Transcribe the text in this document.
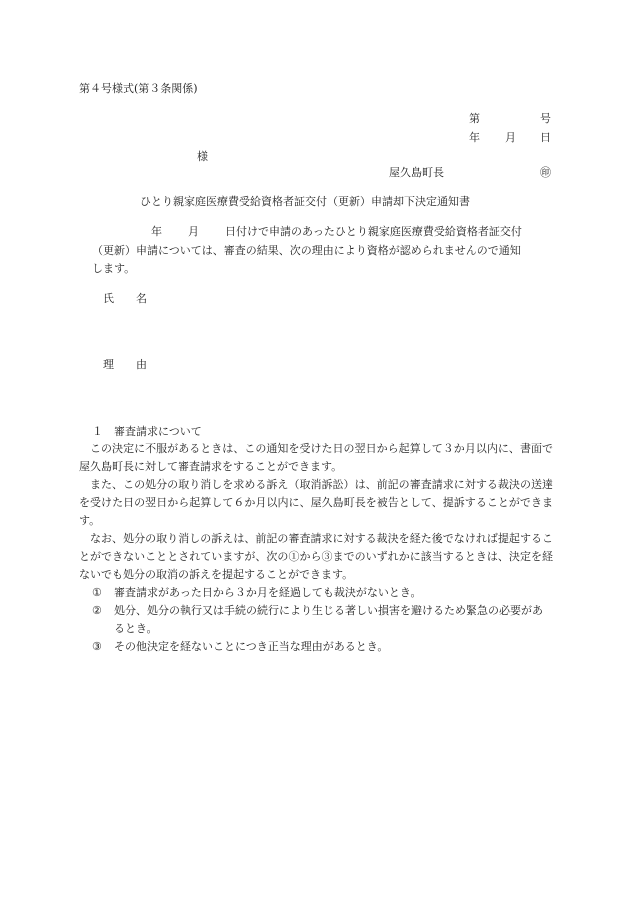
第４号様式(第３条関係)
第	号
年 月 日
様
屋久島町長	㊞
ひとり親家庭医療費受給資格者証交付（更新）申請却下決定通知書
年 月 日付けで申請のあったひとり親家庭医療費受給資格者証交付
（更新）申請については、審査の結果、次の理由により資格が認められませんので通知
します。
氏　　名
理　　由
１ 審査請求について
この決定に不服があるときは、この通知を受けた日の翌日から起算して３か月以内に、書面で屋久島町長に対して審査請求をすることができます。
また、この処分の取り消しを求める訴え（取消訴訟）は、前記の審査請求に対する裁決の送達を受けた日の翌日から起算して６か月以内に、屋久島町長を被告として、提訴することができます。
なお、処分の取り消しの訴えは、前記の審査請求に対する裁決を経た後でなければ提起することができないこととされていますが、次の①から③までのいずれかに該当するときは、決定を経ないでも処分の取消の訴えを提起することができます。
①	審査請求があった日から３か月を経過しても裁決がないとき。
②	処分、処分の執行又は手続の続行により生じる著しい損害を避けるため緊急の必要があるとき。
③	その他決定を経ないことにつき正当な理由があるとき。
